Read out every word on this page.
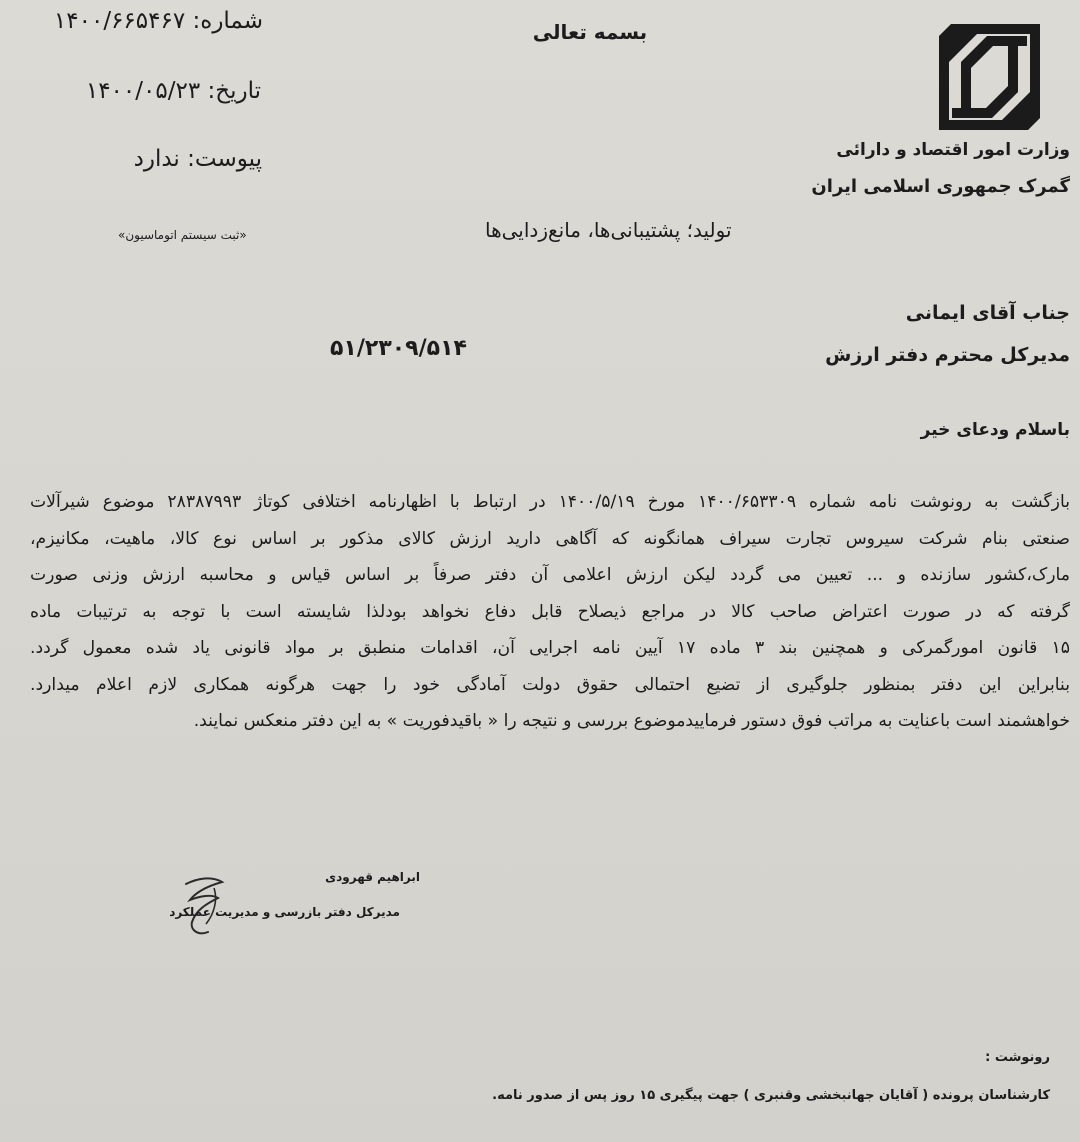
بسمه تعالی
وزارت امور اقتصاد و دارائی
گمرک جمهوری اسلامی ایران
شماره: ۱۴۰۰/۶۶۵۴۶۷
تاریخ: ۱۴۰۰/۰۵/۲۳
پیوست: ندارد
«ثبت سیستم اتوماسیون»	تولید؛ پشتیبانی‌ها، مانع‌زدایی‌ها
جناب آقای ایمانی
۵۱/۲۳۰۹/۵۱۴	مدیرکل محترم دفتر ارزش
باسلام ودعای خیر
بازگشت به رونوشت نامه شماره ۱۴۰۰/۶۵۳۳۰۹ مورخ ۱۴۰۰/۵/۱۹ در ارتباط با اظهارنامه اختلافی کوتاژ ۲۸۳۸۷۹۹۳ موضوع شیرآلات
صنعتی بنام شرکت سیروس تجارت سیراف همانگونه که آگاهی دارید ارزش کالای مذکور بر اساس نوع کالا، ماهیت، مکانیزم،
مارک،کشور سازنده و ... تعیین می گردد لیکن ارزش اعلامی آن دفتر صرفاً بر اساس قیاس و محاسبه ارزش وزنی صورت
گرفته که در صورت اعتراض صاحب کالا در مراجع ذیصلاح قابل دفاع نخواهد بودلذا شایسته است با توجه به ترتیبات ماده
۱۵ قانون امورگمرکی و همچنین بند ۳ ماده ۱۷ آیین نامه اجرایی آن، اقدامات منطبق بر مواد قانونی یاد شده معمول گردد.
بنابراین این دفتر بمنظور جلوگیری از تضیع احتمالی حقوق دولت آمادگی خود را جهت هرگونه همکاری لازم اعلام میدارد.
خواهشمند است باعنایت به مراتب فوق دستور فرمایید‌موضوع بررسی و نتیجه را « باقیدفوریت » به این دفتر منعکس نمایند.
ابراهیم قهرودی
مدیرکل دفتر بازرسی و مدیریت عملکرد
رونوشت :
کارشناسان پرونده ( آقایان جهانبخشی وقنبری ) جهت پیگیری ۱۵ روز پس از صدور نامه.
